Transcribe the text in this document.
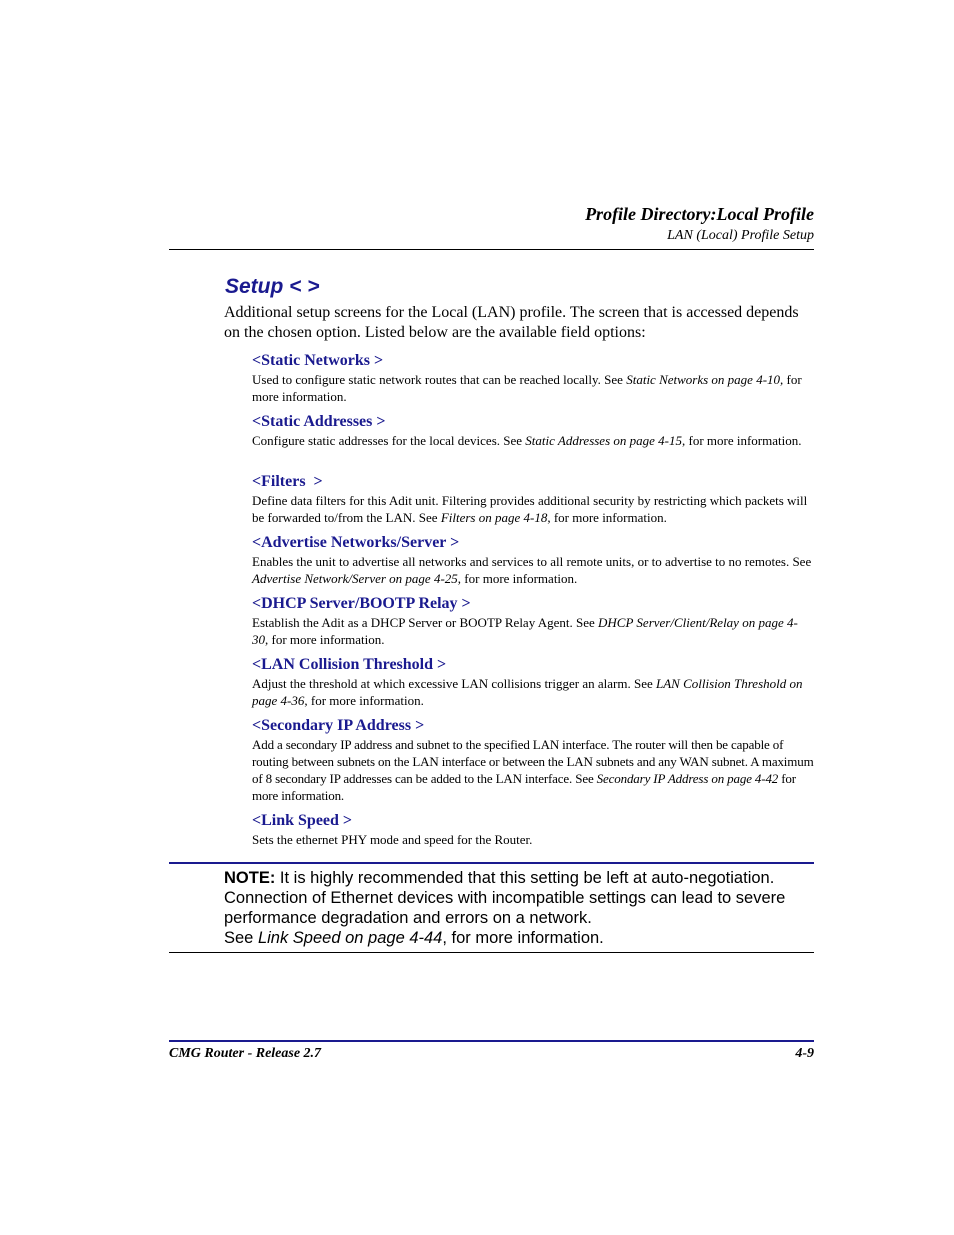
Profile Directory:Local Profile
LAN (Local) Profile Setup
Setup < >
Additional setup screens for the Local (LAN) profile. The screen that is accessed depends on the chosen option. Listed below are the available field options:
<Static Networks >
Used to configure static network routes that can be reached locally. See Static Networks on page 4-10, for more information.
<Static Addresses >
Configure static addresses for the local devices. See Static Addresses on page 4-15, for more information.
<Filters  >
Define data filters for this Adit unit. Filtering provides additional security by restricting which packets will be forwarded to/from the LAN. See Filters on page 4-18, for more information.
<Advertise Networks/Server >
Enables the unit to advertise all networks and services to all remote units, or to advertise to no remotes. See Advertise Network/Server on page 4-25, for more information.
<DHCP Server/BOOTP Relay >
Establish the Adit as a DHCP Server or BOOTP Relay Agent. See DHCP Server/Client/Relay on page 4-30, for more information.
<LAN Collision Threshold >
Adjust the threshold at which excessive LAN collisions trigger an alarm. See LAN Collision Threshold on page 4-36, for more information.
<Secondary IP Address >
Add a secondary IP address and subnet to the specified LAN interface. The router will then be capable of routing between subnets on the LAN interface or between the LAN subnets and any WAN subnet. A maximum of 8 secondary IP addresses can be added to the LAN interface. See Secondary IP Address on page 4-42 for more information.
<Link Speed >
Sets the ethernet PHY mode and speed for the Router.
NOTE: It is highly recommended that this setting be left at auto-negotiation. Connection of Ethernet devices with incompatible settings can lead to severe performance degradation and errors on a network.
See Link Speed on page 4-44, for more information.
CMG Router - Release 2.7	4-9
